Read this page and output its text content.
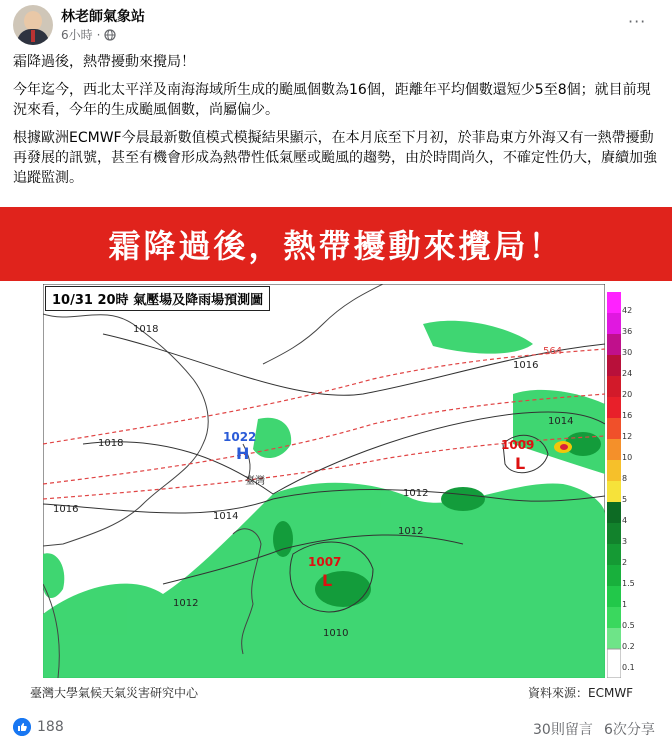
林老師氣象站
6小時 ·
···

霜降過後，熱帶擾動來攪局！

今年迄今，西北太平洋及南海海域所生成的颱風個數為16個，距離年平均個數還短少5至8個；就目前現況來看，今年的生成颱風個數，尚屬偏少。

根據歐洲ECMWF今晨最新數值模式模擬結果顯示，在本月底至下月初，於菲島東方外海又有一熱帶擾動再發展的訊號，甚至有機會形成為熱帶性低氣壓或颱風的趨勢，由於時間尚久，不確定性仍大，賡續加強追蹤監測。

霜降過後，熱帶擾動來攪局！
1018
1018
1016
1014
1012
1012
1010
1014
1016
564
1012
1022
H	1009
L
1007
L
臺灣
10/31 20時 氣壓場及降雨場預測圖
42
36
30
24
20
16
12
10
8
5
4
3
2
1.5
1
0.5
0.2
0.1
臺灣大學氣候天氣災害研究中心	資料來源：ECMWF
188	30則留言 6次分享
